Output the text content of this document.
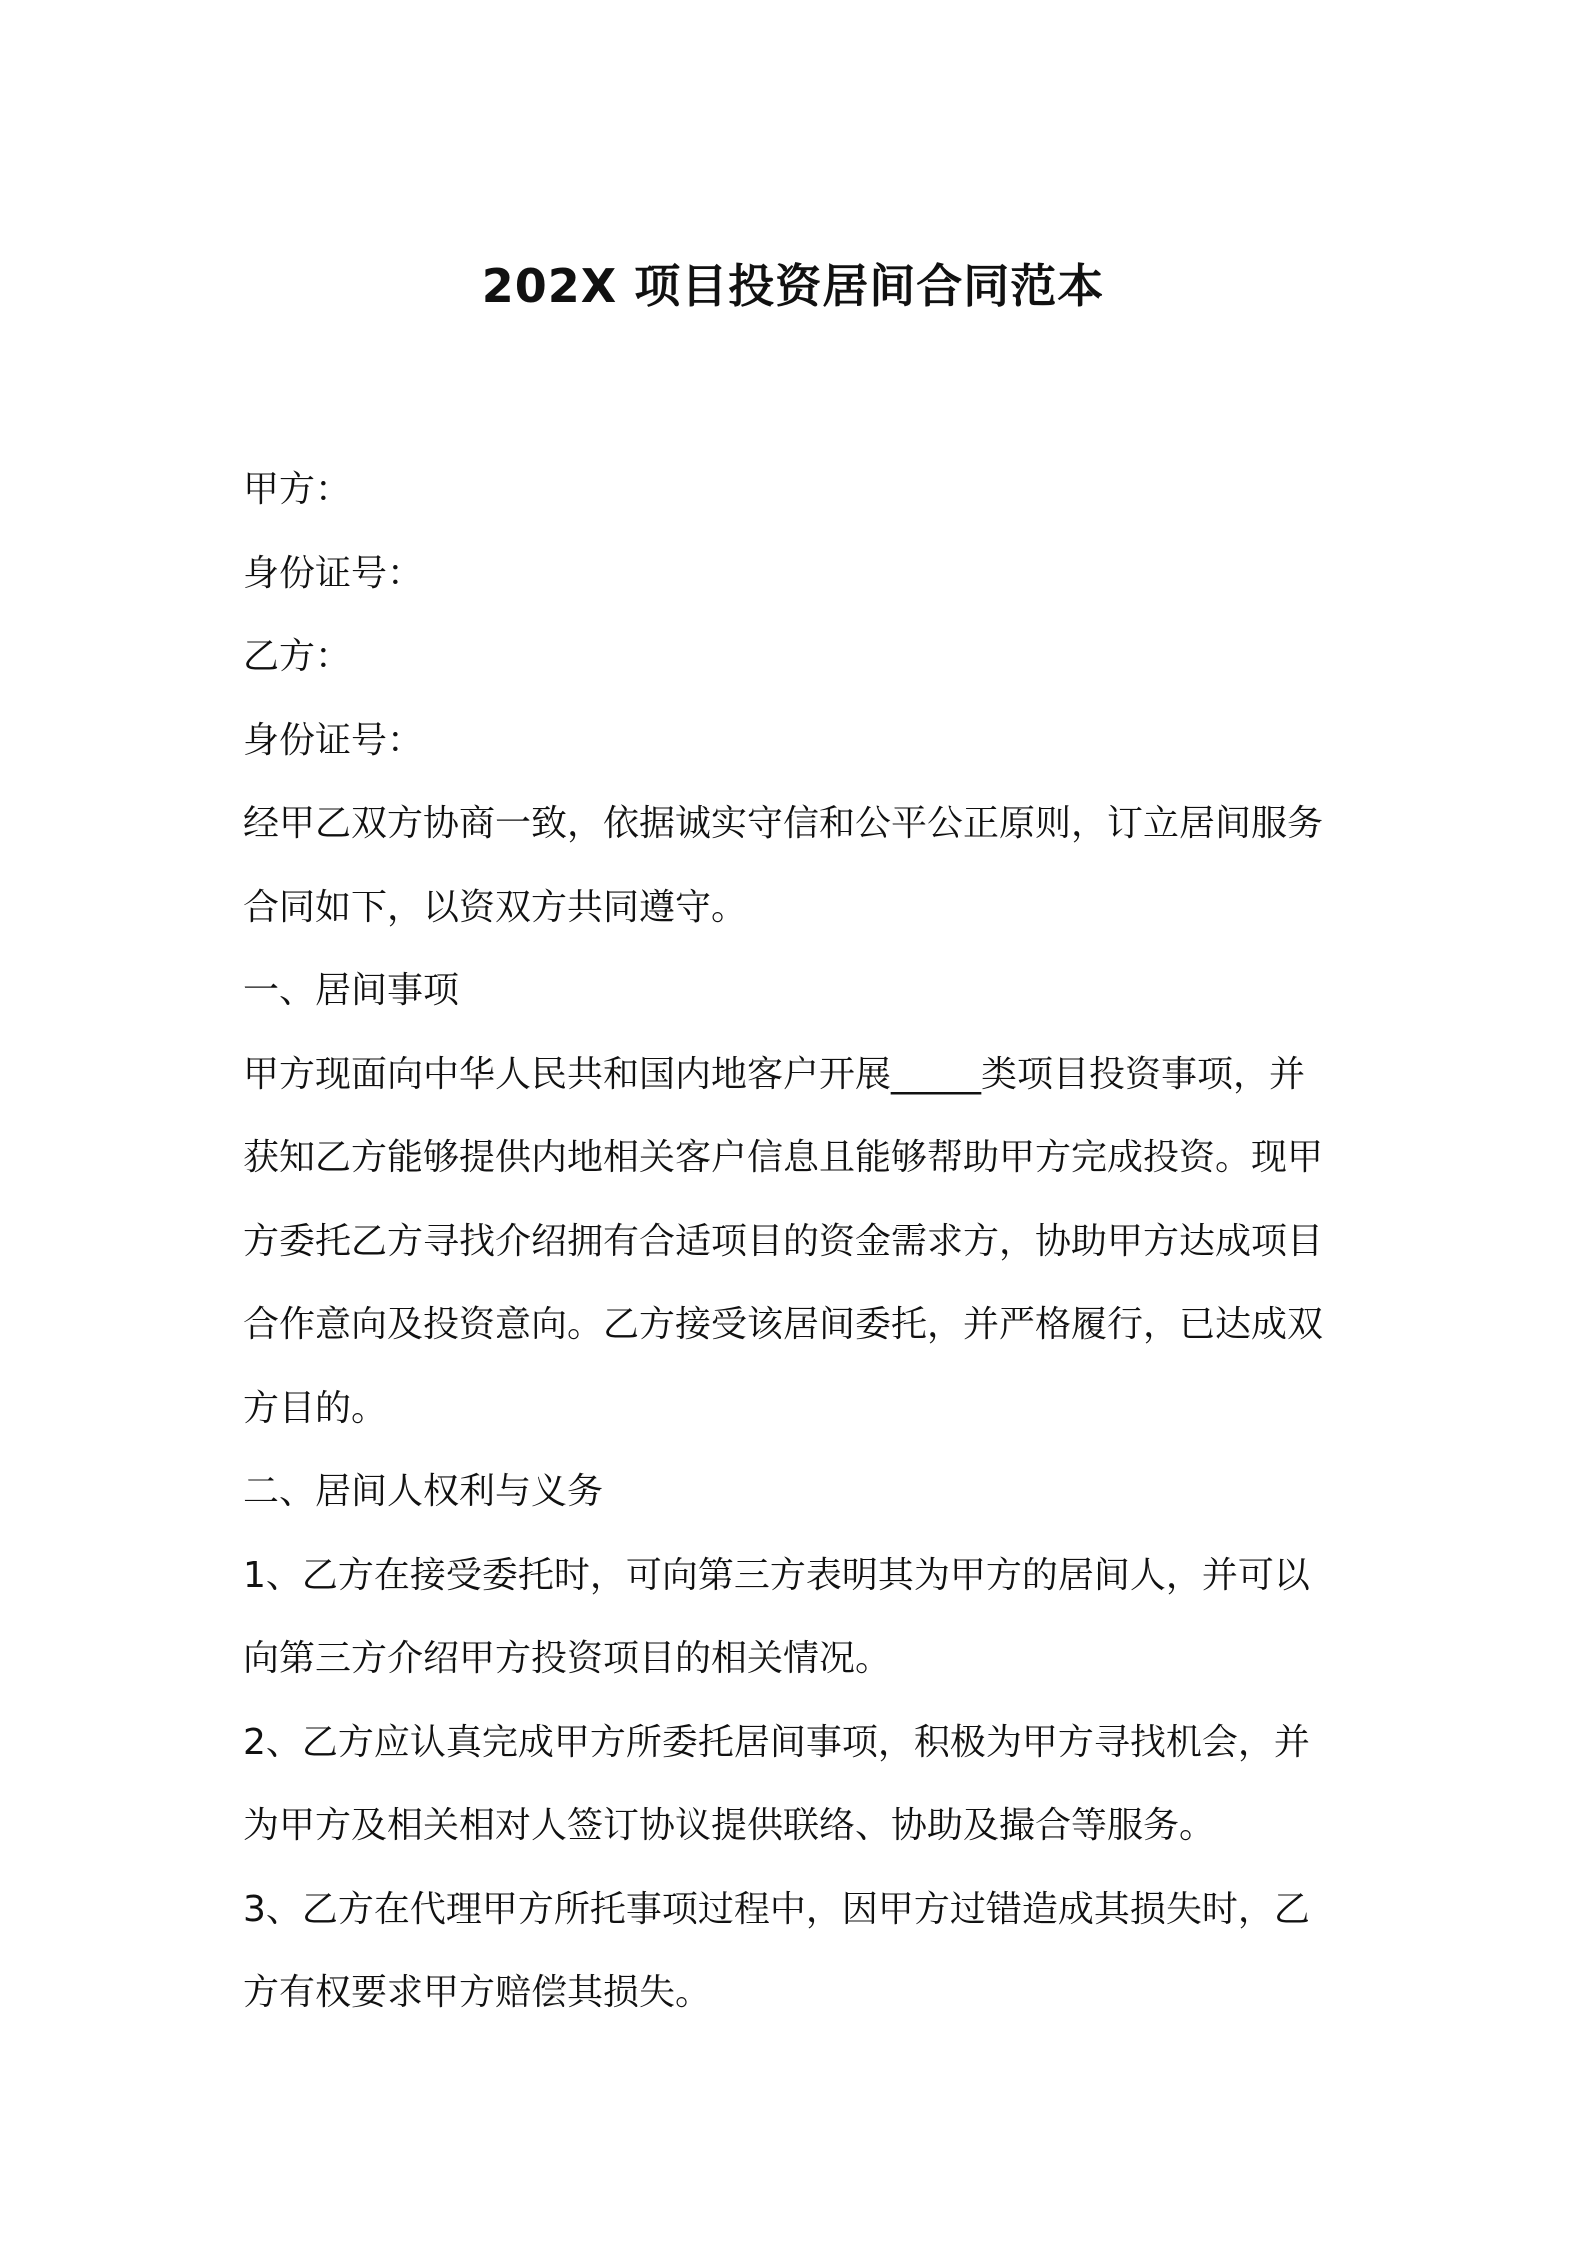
202X 项目投资居间合同范本
甲方：
身份证号：
乙方：
身份证号：
经甲乙双方协商一致，依据诚实守信和公平公正原则，订立居间服务
合同如下，以资双方共同遵守。
一、居间事项
甲方现面向中华人民共和国内地客户开展_____类项目投资事项，并
获知乙方能够提供内地相关客户信息且能够帮助甲方完成投资。现甲
方委托乙方寻找介绍拥有合适项目的资金需求方，协助甲方达成项目
合作意向及投资意向。乙方接受该居间委托，并严格履行，已达成双
方目的。
二、居间人权利与义务
1、乙方在接受委托时，可向第三方表明其为甲方的居间人，并可以
向第三方介绍甲方投资项目的相关情况。
2、乙方应认真完成甲方所委托居间事项，积极为甲方寻找机会，并
为甲方及相关相对人签订协议提供联络、协助及撮合等服务。
3、乙方在代理甲方所托事项过程中，因甲方过错造成其损失时，乙
方有权要求甲方赔偿其损失。
